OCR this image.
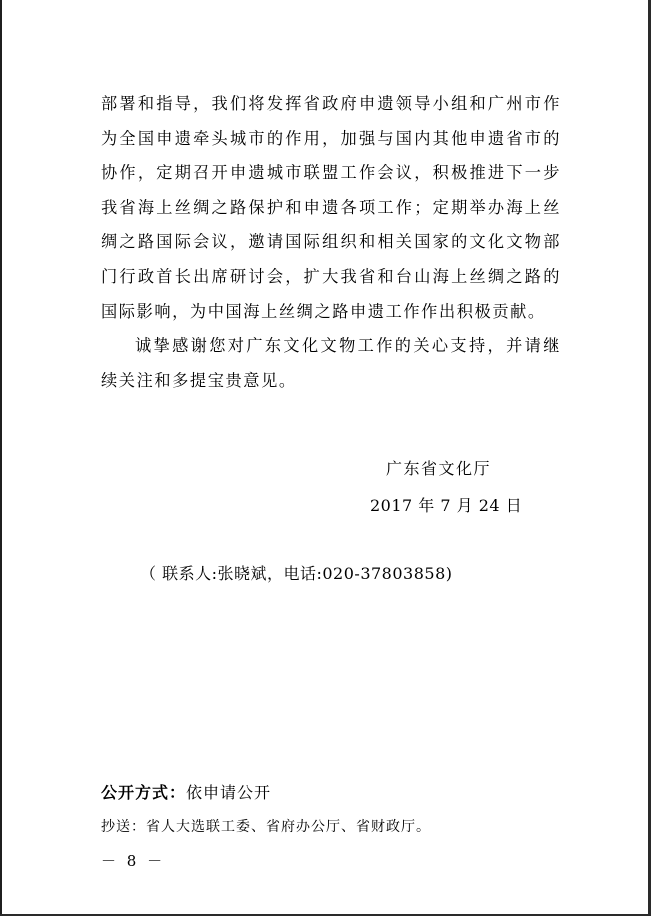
部署和指导，我们将发挥省政府申遗领导小组和广州市作为全国申遗牵头城市的作用，加强与国内其他申遗省市的协作，定期召开申遗城市联盟工作会议，积极推进下一步我省海上丝绸之路保护和申遗各项工作；定期举办海上丝绸之路国际会议，邀请国际组织和相关国家的文化文物部门行政首长出席研讨会，扩大我省和台山海上丝绸之路的国际影响，为中国海上丝绸之路申遗工作作出积极贡献。

诚挚感谢您对广东文化文物工作的关心支持，并请继续关注和多提宝贵意见。

广东省文化厅
2017 年 7 月 24 日
（ 联系人:张晓斌，电话:020-37803858)
公开方式：依申请公开
抄送：省人大选联工委、省府办公厅、省财政厅。
－ 8 －
